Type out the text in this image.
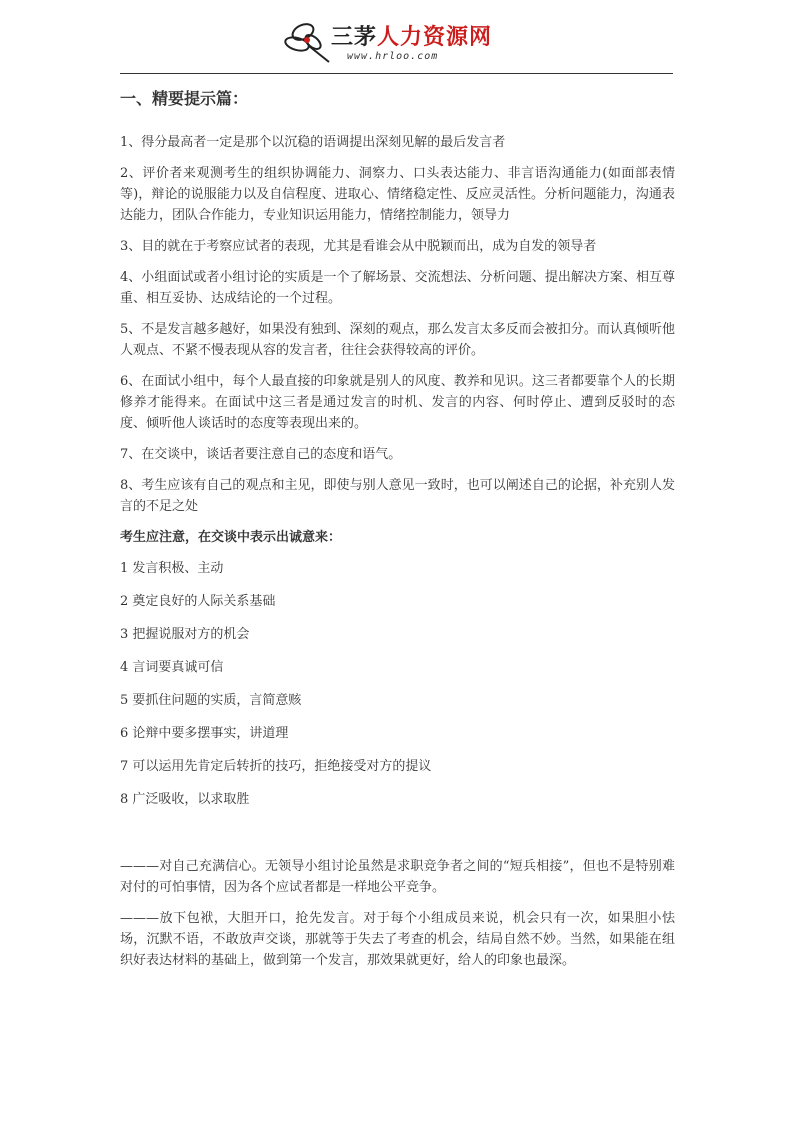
三茅人力资源网
www.hrloo.com
一、精要提示篇：

1、得分最高者一定是那个以沉稳的语调提出深刻见解的最后发言者

2、评价者来观测考生的组织协调能力、洞察力、口头表达能力、非言语沟通能力(如面部表情等)，辩论的说服能力以及自信程度、进取心、情绪稳定性、反应灵活性。分析问题能力，沟通表达能力，团队合作能力，专业知识运用能力，情绪控制能力，领导力

3、目的就在于考察应试者的表现，尤其是看谁会从中脱颖而出，成为自发的领导者

4、小组面试或者小组讨论的实质是一个了解场景、交流想法、分析问题、提出解决方案、相互尊重、相互妥协、达成结论的一个过程。

5、不是发言越多越好，如果没有独到、深刻的观点，那么发言太多反而会被扣分。而认真倾听他人观点、不紧不慢表现从容的发言者，往往会获得较高的评价。

6、在面试小组中，每个人最直接的印象就是别人的风度、教养和见识。这三者都要靠个人的长期修养才能得来。在面试中这三者是通过发言的时机、发言的内容、何时停止、遭到反驳时的态度、倾听他人谈话时的态度等表现出来的。

7、在交谈中，谈话者要注意自己的态度和语气。

8、考生应该有自己的观点和主见，即使与别人意见一致时，也可以阐述自己的论据，补充别人发言的不足之处

考生应注意，在交谈中表示出诚意来：

1 发言积极、主动
2 奠定良好的人际关系基础
3 把握说服对方的机会
4 言词要真诚可信
5 要抓住问题的实质，言简意赅
6 论辩中要多摆事实，讲道理
7 可以运用先肯定后转折的技巧，拒绝接受对方的提议
8 广泛吸收，以求取胜

———对自己充满信心。无领导小组讨论虽然是求职竞争者之间的“短兵相接”，但也不是特别难对付的可怕事情，因为各个应试者都是一样地公平竞争。

———放下包袱，大胆开口，抢先发言。对于每个小组成员来说，机会只有一次，如果胆小怯场，沉默不语，不敢放声交谈，那就等于失去了考查的机会，结局自然不妙。当然，如果能在组织好表达材料的基础上，做到第一个发言，那效果就更好，给人的印象也最深。
